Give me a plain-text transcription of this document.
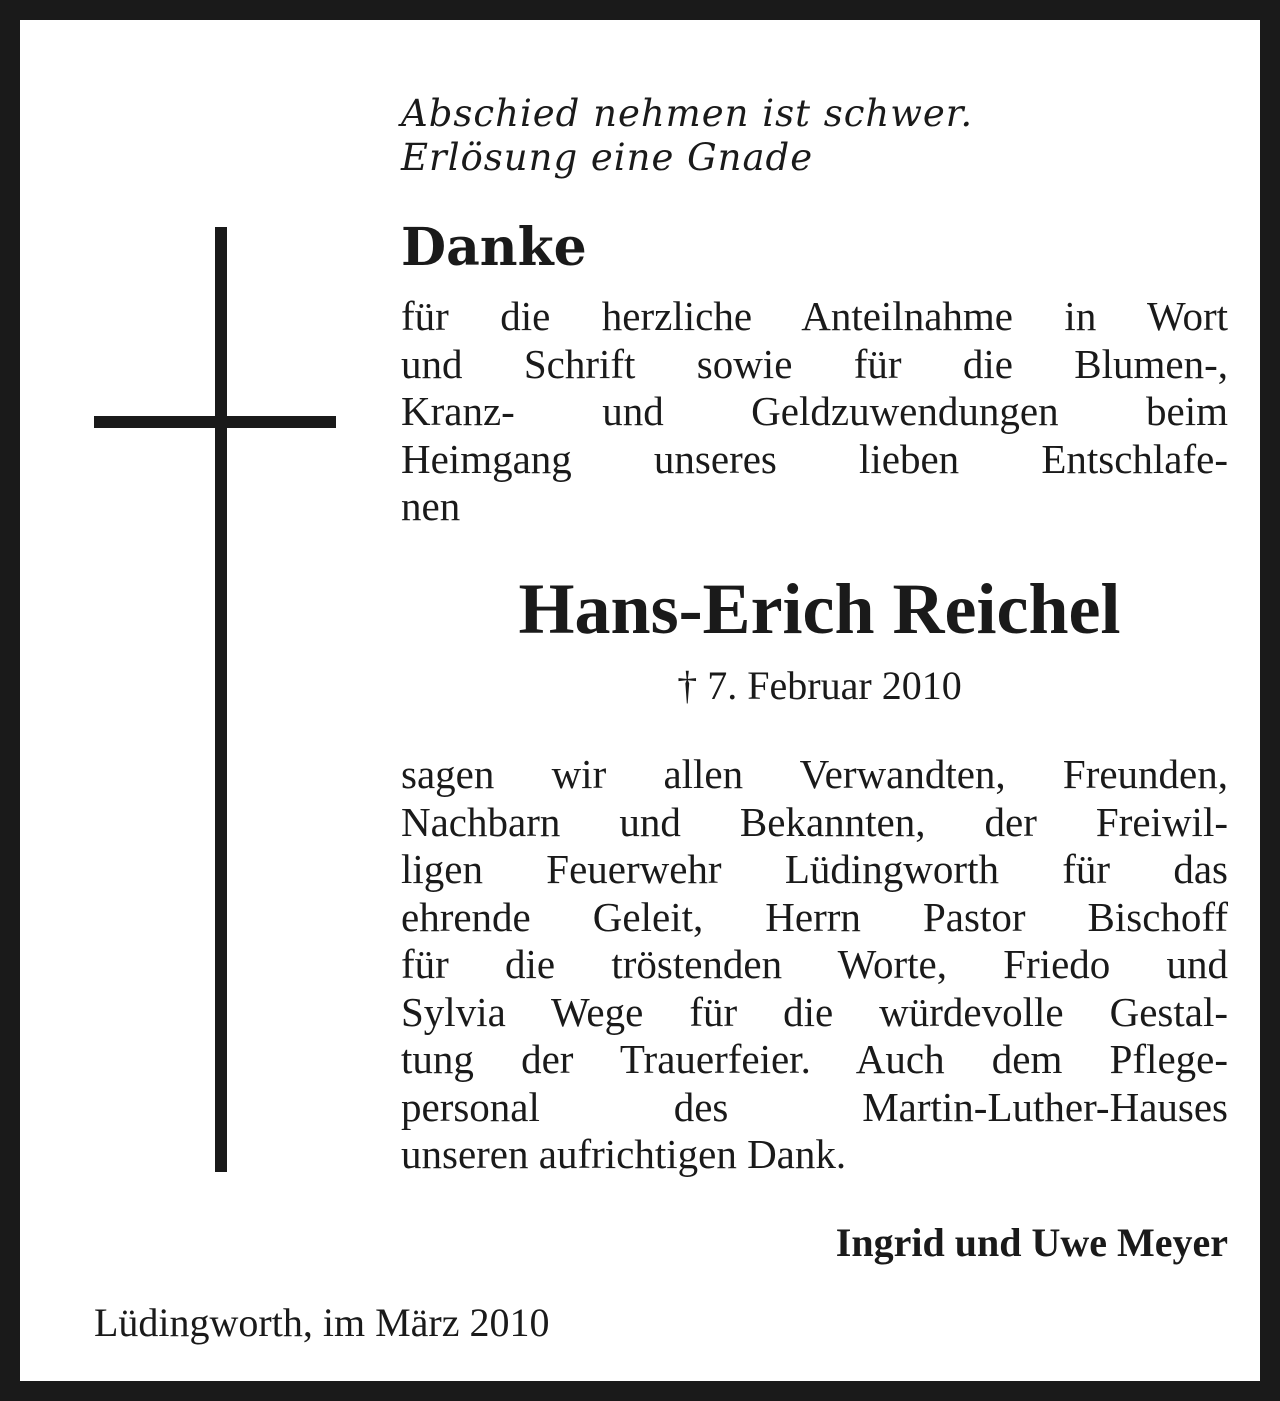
Abschied nehmen ist schwer.
Erlösung eine Gnade

Danke

für die herzliche Anteilnahme in Wort
und Schrift sowie für die Blumen-,
Kranz- und Geldzuwendungen beim
Heimgang unseres lieben Entschlafe-
nen

Hans-Erich Reichel

† 7. Februar 2010

sagen wir allen Verwandten, Freunden,
Nachbarn und Bekannten, der Freiwil-
ligen Feuerwehr Lüdingworth für das
ehrende Geleit, Herrn Pastor Bischoff
für die tröstenden Worte, Friedo und
Sylvia Wege für die würdevolle Gestal-
tung der Trauerfeier. Auch dem Pflege-
personal des Martin-Luther-Hauses
unseren aufrichtigen Dank.

Ingrid und Uwe Meyer

Lüdingworth, im März 2010
